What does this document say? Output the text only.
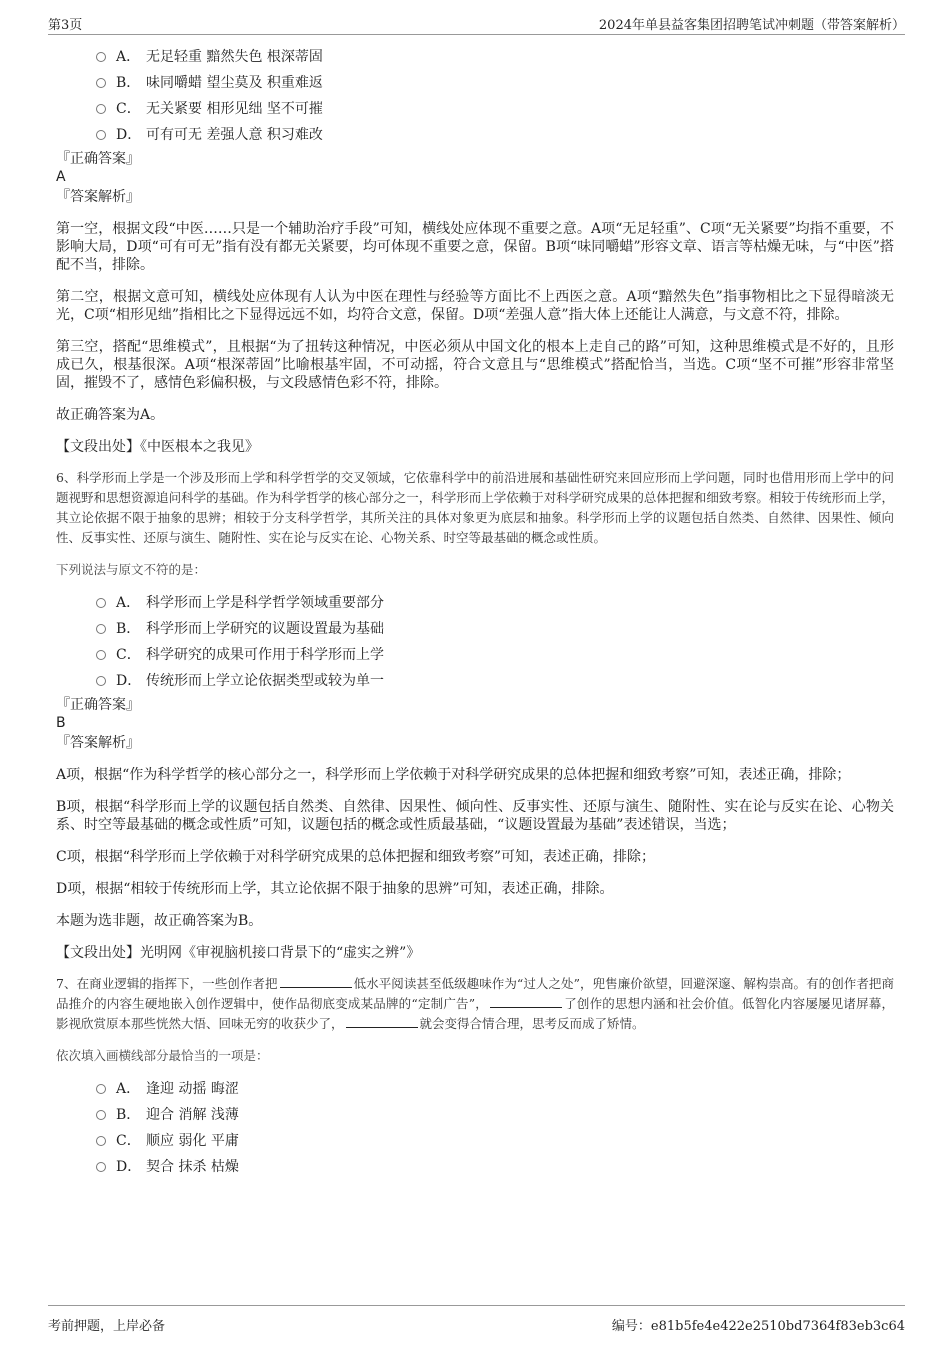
第3页	2024年单县益客集团招聘笔试冲刺题（带答案解析）
A． 无足轻重 黯然失色 根深蒂固
B． 味同嚼蜡 望尘莫及 积重难返
C． 无关紧要 相形见绌 坚不可摧
D． 可有可无 差强人意 积习难改
『正确答案』
A
『答案解析』

第一空，根据文段“中医……只是一个辅助治疗手段”可知，横线处应体现不重要之意。A项“无足轻重”、C项“无关紧要”均指不重要，不影响大局，D项“可有可无”指有没有都无关紧要，均可体现不重要之意，保留。B项“味同嚼蜡”形容文章、语言等枯燥无味，与“中医”搭配不当，排除。

第二空，根据文意可知，横线处应体现有人认为中医在理性与经验等方面比不上西医之意。A项“黯然失色”指事物相比之下显得暗淡无光，C项“相形见绌”指相比之下显得远远不如，均符合文意，保留。D项“差强人意”指大体上还能让人满意，与文意不符，排除。

第三空，搭配“思维模式”，且根据“为了扭转这种情况，中医必须从中国文化的根本上走自己的路”可知，这种思维模式是不好的，且形成已久，根基很深。A项“根深蒂固”比喻根基牢固，不可动摇，符合文意且与“思维模式”搭配恰当，当选。C项“坚不可摧”形容非常坚固，摧毁不了，感情色彩偏积极，与文段感情色彩不符，排除。

故正确答案为A。

【文段出处】《中医根本之我见》

6、科学形而上学是一个涉及形而上学和科学哲学的交叉领域，它依靠科学中的前沿进展和基础性研究来回应形而上学问题，同时也借用形而上学中的问题视野和思想资源追问科学的基础。作为科学哲学的核心部分之一，科学形而上学依赖于对科学研究成果的总体把握和细致考察。相较于传统形而上学，其立论依据不限于抽象的思辨；相较于分支科学哲学，其所关注的具体对象更为底层和抽象。科学形而上学的议题包括自然类、自然律、因果性、倾向性、反事实性、还原与演生、随附性、实在论与反实在论、心物关系、时空等最基础的概念或性质。

下列说法与原文不符的是：

A． 科学形而上学是科学哲学领域重要部分
B． 科学形而上学研究的议题设置最为基础
C． 科学研究的成果可作用于科学形而上学
D． 传统形而上学立论依据类型或较为单一
『正确答案』
B
『答案解析』

A项，根据“作为科学哲学的核心部分之一，科学形而上学依赖于对科学研究成果的总体把握和细致考察”可知，表述正确，排除；

B项，根据“科学形而上学的议题包括自然类、自然律、因果性、倾向性、反事实性、还原与演生、随附性、实在论与反实在论、心物关系、时空等最基础的概念或性质”可知，议题包括的概念或性质最基础，“议题设置最为基础”表述错误，当选；

C项，根据“科学形而上学依赖于对科学研究成果的总体把握和细致考察”可知，表述正确，排除；

D项，根据“相较于传统形而上学，其立论依据不限于抽象的思辨”可知，表述正确，排除。

本题为选非题，故正确答案为B。

【文段出处】光明网《审视脑机接口背景下的“虚实之辨”》

7、在商业逻辑的指挥下，一些创作者把	低水平阅读甚至低级趣味作为“过人之处”，兜售廉价欲望，回避深邃、解构崇高。有的创作者把商品推介的内容生硬地嵌入创作逻辑中，使作品彻底变成某品牌的“定制广告”，	了创作的思想内涵和社会价值。低智化内容屡屡见诸屏幕，影视欣赏原本那些恍然大悟、回味无穷的收获少了，	就会变得合情合理，思考反而成了矫情。

依次填入画横线部分最恰当的一项是：

A． 逢迎 动摇 晦涩
B． 迎合 消解 浅薄
C． 顺应 弱化 平庸
D． 契合 抹杀 枯燥
考前押题，上岸必备	编号：e81b5fe4e422e2510bd7364f83eb3c64
